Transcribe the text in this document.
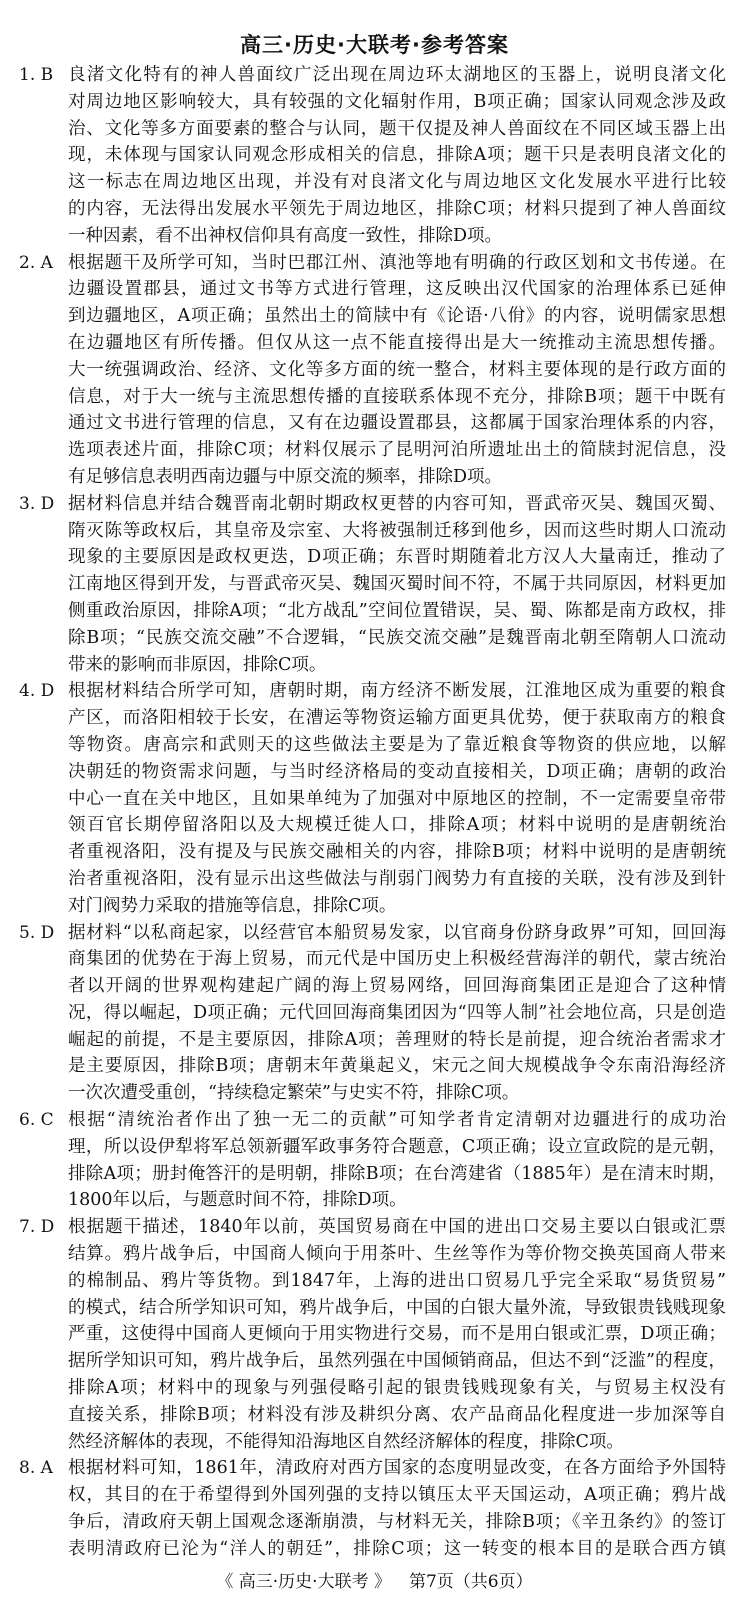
高三·历史·大联考·参考答案
1. B 良渚文化特有的神人兽面纹广泛出现在周边环太湖地区的玉器上，说明良渚文化
对周边地区影响较大，具有较强的文化辐射作用，B项正确；国家认同观念涉及政
治、文化等多方面要素的整合与认同，题干仅提及神人兽面纹在不同区域玉器上出
现，未体现与国家认同观念形成相关的信息，排除A项；题干只是表明良渚文化的
这一标志在周边地区出现，并没有对良渚文化与周边地区文化发展水平进行比较
的内容，无法得出发展水平领先于周边地区，排除C项；材料只提到了神人兽面纹
一种因素，看不出神权信仰具有高度一致性，排除D项。
2. A 根据题干及所学可知，当时巴郡江州、滇池等地有明确的行政区划和文书传递。在
边疆设置郡县，通过文书等方式进行管理，这反映出汉代国家的治理体系已延伸
到边疆地区，A项正确；虽然出土的简牍中有《论语·八佾》的内容，说明儒家思想
在边疆地区有所传播。但仅从这一点不能直接得出是大一统推动主流思想传播。
大一统强调政治、经济、文化等多方面的统一整合，材料主要体现的是行政方面的
信息，对于大一统与主流思想传播的直接联系体现不充分，排除B项；题干中既有
通过文书进行管理的信息，又有在边疆设置郡县，这都属于国家治理体系的内容，
选项表述片面，排除C项；材料仅展示了昆明河泊所遗址出土的简牍封泥信息，没
有足够信息表明西南边疆与中原交流的频率，排除D项。
3. D 据材料信息并结合魏晋南北朝时期政权更替的内容可知，晋武帝灭吴、魏国灭蜀、
隋灭陈等政权后，其皇帝及宗室、大将被强制迁移到他乡，因而这些时期人口流动
现象的主要原因是政权更迭，D项正确；东晋时期随着北方汉人大量南迁，推动了
江南地区得到开发，与晋武帝灭吴、魏国灭蜀时间不符，不属于共同原因，材料更加
侧重政治原因，排除A项；“北方战乱”空间位置错误，吴、蜀、陈都是南方政权，排
除B项；“民族交流交融”不合逻辑，“民族交流交融”是魏晋南北朝至隋朝人口流动
带来的影响而非原因，排除C项。
4. D 根据材料结合所学可知，唐朝时期，南方经济不断发展，江淮地区成为重要的粮食
产区，而洛阳相较于长安，在漕运等物资运输方面更具优势，便于获取南方的粮食
等物资。唐高宗和武则天的这些做法主要是为了靠近粮食等物资的供应地，以解
决朝廷的物资需求问题，与当时经济格局的变动直接相关，D项正确；唐朝的政治
中心一直在关中地区，且如果单纯为了加强对中原地区的控制，不一定需要皇帝带
领百官长期停留洛阳以及大规模迁徙人口，排除A项；材料中说明的是唐朝统治
者重视洛阳，没有提及与民族交融相关的内容，排除B项；材料中说明的是唐朝统
治者重视洛阳，没有显示出这些做法与削弱门阀势力有直接的关联，没有涉及到针
对门阀势力采取的措施等信息，排除C项。
5. D 据材料“以私商起家，以经营官本船贸易发家，以官商身份跻身政界”可知，回回海
商集团的优势在于海上贸易，而元代是中国历史上积极经营海洋的朝代，蒙古统治
者以开阔的世界观构建起广阔的海上贸易网络，回回海商集团正是迎合了这种情
况，得以崛起，D项正确；元代回回海商集团因为“四等人制”社会地位高，只是创造
崛起的前提，不是主要原因，排除A项；善理财的特长是前提，迎合统治者需求才
是主要原因，排除B项；唐朝末年黄巢起义，宋元之间大规模战争令东南沿海经济
一次次遭受重创，“持续稳定繁荣”与史实不符，排除C项。
6. C 根据“清统治者作出了独一无二的贡献”可知学者肯定清朝对边疆进行的成功治
理，所以设伊犁将军总领新疆军政事务符合题意，C项正确；设立宣政院的是元朝，
排除A项；册封俺答汗的是明朝，排除B项；在台湾建省（1885年）是在清末时期，
1800年以后，与题意时间不符，排除D项。
7. D 根据题干描述，1840年以前，英国贸易商在中国的进出口交易主要以白银或汇票
结算。鸦片战争后，中国商人倾向于用茶叶、生丝等作为等价物交换英国商人带来
的棉制品、鸦片等货物。到1847年，上海的进出口贸易几乎完全采取“易货贸易”
的模式，结合所学知识可知，鸦片战争后，中国的白银大量外流，导致银贵钱贱现象
严重，这使得中国商人更倾向于用实物进行交易，而不是用白银或汇票，D项正确；
据所学知识可知，鸦片战争后，虽然列强在中国倾销商品，但达不到“泛滥”的程度，
排除A项；材料中的现象与列强侵略引起的银贵钱贱现象有关，与贸易主权没有
直接关系，排除B项；材料没有涉及耕织分离、农产品商品化程度进一步加深等自
然经济解体的表现，不能得知沿海地区自然经济解体的程度，排除C项。
8. A 根据材料可知，1861年，清政府对西方国家的态度明显改变，在各方面给予外国特
权，其目的在于希望得到外国列强的支持以镇压太平天国运动，A项正确；鸦片战
争后，清政府天朝上国观念逐渐崩溃，与材料无关，排除B项；《辛丑条约》的签订
表明清政府已沦为“洋人的朝廷”，排除C项；这一转变的根本目的是联合西方镇
《 高三·历史·大联考 》 第7页（共6页）
